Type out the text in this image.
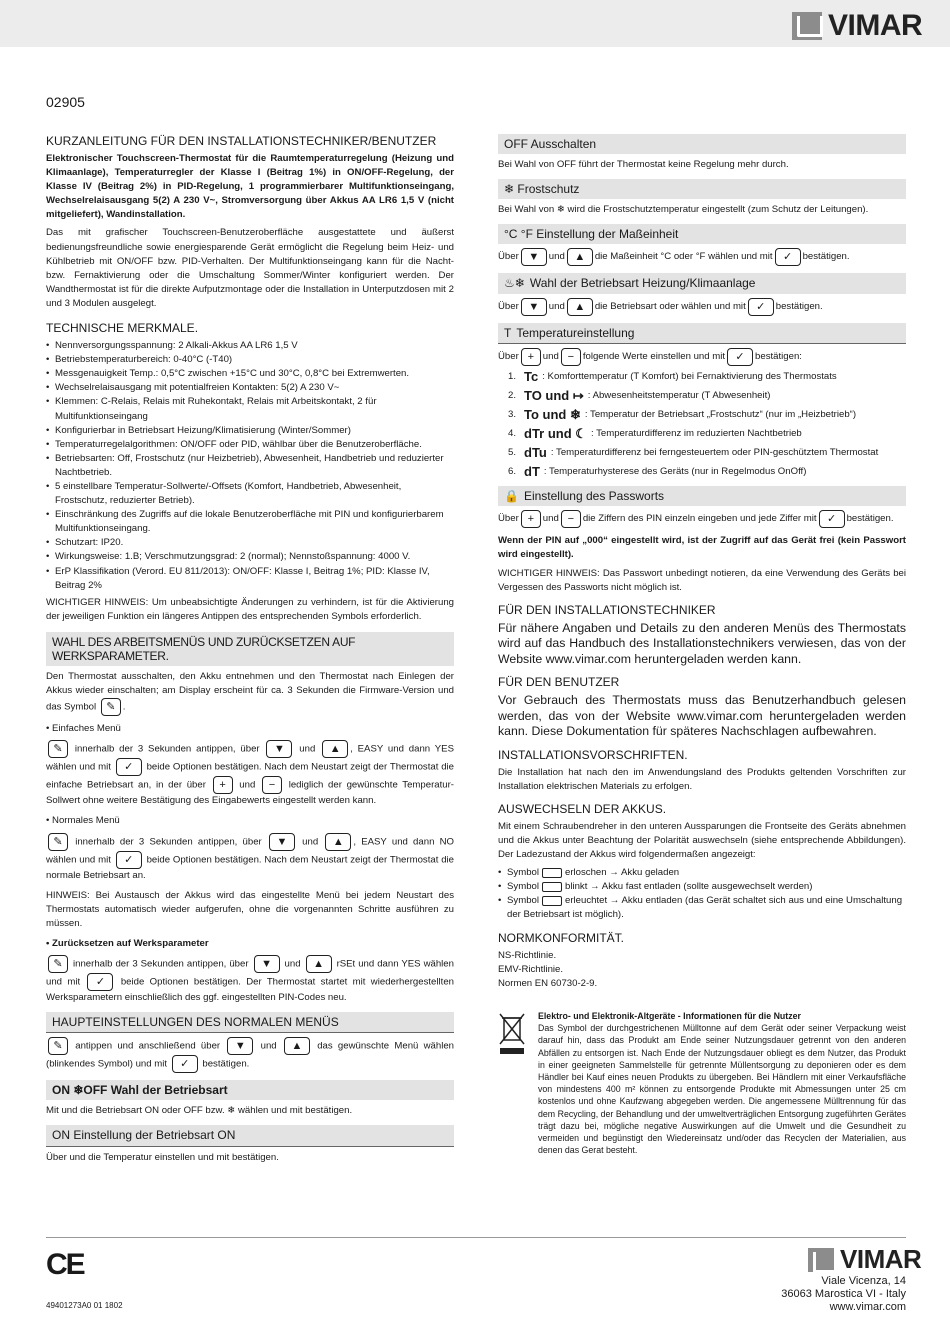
VIMAR
02905
KURZANLEITUNG FÜR DEN INSTALLATIONSTECHNIKER/BENUTZER

Elektronischer Touchscreen-Thermostat für die Raumtemperaturregelung (Heizung und Klimaanlage), Temperaturregler der Klasse I (Beitrag 1%) in ON/OFF-Regelung, der Klasse IV (Beitrag 2%) in PID-Regelung, 1 programmierbarer Multifunktionseingang, Wechselrelaisausgang 5(2) A 230 V~, Stromversorgung über Akkus AA LR6 1,5 V (nicht mitgeliefert), Wandinstallation.

Das mit grafischer Touchscreen-Benutzeroberfläche ausgestattete und äußerst bedienungsfreundliche sowie energiesparende Gerät ermöglicht die Regelung beim Heiz- und Kühlbetrieb mit ON/OFF bzw. PID-Verhalten. Der Multifunktionseingang kann für die Nacht- bzw. Fernaktivierung oder die Umschaltung Sommer/Winter konfiguriert werden. Der Wandthermostat ist für die direkte Aufputzmontage oder die Installation in Unterputzdosen mit 2 und 3 Modulen ausgelegt.

TECHNISCHE MERKMALE.
• Nennversorgungsspannung: 2 Alkali-Akkus AA LR6 1,5 V
• Betriebstemperaturbereich: 0-40°C (-T40)
• Messgenauigkeit Temp.: 0,5°C zwischen +15°C und 30°C, 0,8°C bei Extremwerten.
• Wechselrelaisausgang mit potentialfreien Kontakten: 5(2) A 230 V~
• Klemmen: C-Relais, Relais mit Ruhekontakt, Relais mit Arbeitskontakt, 2 für Multifunktionseingang
• Konfigurierbar in Betriebsart Heizung/Klimatisierung (Winter/Sommer)
• Temperaturregelalgorithmen: ON/OFF oder PID, wählbar über die Benutzeroberfläche.
• Betriebsarten: Off, Frostschutz (nur Heizbetrieb), Abwesenheit, Handbetrieb und reduzierter Nachtbetrieb.
• 5 einstellbare Temperatur-Sollwerte/-Offsets (Komfort, Handbetrieb, Abwesenheit, Frostschutz, reduzierter Betrieb).
• Einschränkung des Zugriffs auf die lokale Benutzeroberfläche mit PIN und konfigurierbarem Multifunktionseingang.
• Schutzart: IP20.
• Wirkungsweise: 1.B; Verschmutzungsgrad: 2 (normal); Nennstoßspannung: 4000 V.
• ErP Klassifikation (Verord. EU 811/2013): ON/OFF: Klasse I, Beitrag 1%; PID: Klasse IV, Beitrag 2%

WICHTIGER HINWEIS: Um unbeabsichtigte Änderungen zu verhindern, ist für die Aktivierung der jeweiligen Funktion ein längeres Antippen des entsprechenden Symbols erforderlich.

WAHL DES ARBEITSMENÜS UND ZURÜCKSETZEN AUF WERKSPARAMETER.

Den Thermostat ausschalten, den Akku entnehmen und den Thermostat nach Einlegen der Akkus wieder einschalten; am Display erscheint für ca. 3 Sekunden die Firmware-Version und das Symbol ✎ .

• Einfaches Menü

✎ innerhalb der 3 Sekunden antippen, über ▼ und ▲ , EASY und dann YES wählen und mit ✓ beide Optionen bestätigen. Nach dem Neustart zeigt der Thermostat die einfache Betriebsart an, in der über + und − lediglich der gewünschte Temperatur-Sollwert ohne weitere Bestätigung des Eingabewerts eingestellt werden kann.

• Normales Menü

✎ innerhalb der 3 Sekunden antippen, über ▼ und ▲ , EASY und dann NO wählen und mit ✓ beide Optionen bestätigen. Nach dem Neustart zeigt der Thermostat die normale Betriebsart an.

HINWEIS: Bei Austausch der Akkus wird das eingestellte Menü bei jedem Neustart des Thermostats automatisch wieder aufgerufen, ohne die vorgenannten Schritte ausführen zu müssen.

• Zurücksetzen auf Werksparameter

✎ innerhalb der 3 Sekunden antippen, über ▼ und ▲ rSEt und dann YES wählen und mit ✓ beide Optionen bestätigen. Der Thermostat startet mit wiederhergestellten Werksparametern einschließlich des ggf. eingestellten PIN-Codes neu.

HAUPTEINSTELLUNGEN DES NORMALEN MENÜS

✎ antippen und anschließend über ▼ und ▲ das gewünschte Menü wählen (blinkendes Symbol) und mit ✓ bestätigen.

ON ❄OFF Wahl der Betriebsart

Mit und die Betriebsart ON oder OFF bzw. ❄ wählen und mit bestätigen.

ON Einstellung der Betriebsart ON

Über und die Temperatur einstellen und mit bestätigen.

OFF Ausschalten

Bei Wahl von OFF führt der Thermostat keine Regelung mehr durch.

❄ Frostschutz

Bei Wahl von ❄ wird die Frostschutztemperatur eingestellt (zum Schutz der Leitungen).

°C °F Einstellung der Maßeinheit
Über ▼ und ▲ die Maßeinheit °C oder °F wählen und mit ✓	bestätigen.
♨❄ Wahl der Betriebsart Heizung/Klimaanlage
Über ▼ und ▲ die Betriebsart oder wählen und mit ✓	bestätigen.
T Temperatureinstellung
Über + und − folgende Werte einstellen und mit ✓	bestätigen:
1. Tc : Komforttemperatur (T Komfort) bei Fernaktivierung des Thermostats
2. TO und ↦ : Abwesenheitstemperatur (T Abwesenheit)
3. To und ❄ : Temperatur der Betriebsart „Frostschutz“ (nur im „Heizbetrieb“)
4. dTr und ☾ : Temperaturdifferenz im reduzierten Nachtbetrieb
5. dTu : Temperaturdifferenz bei ferngesteuertem oder PIN-geschütztem Thermostat
6. dT : Temperaturhysterese des Geräts (nur in Regelmodus OnOff)
🔒 Einstellung des Passworts
Über + und − die Ziffern des PIN einzeln eingeben und jede Ziffer mit ✓	bestätigen.

Wenn der PIN auf „000“ eingestellt wird, ist der Zugriff auf das Gerät frei (kein Passwort wird eingestellt).

WICHTIGER HINWEIS: Das Passwort unbedingt notieren, da eine Verwendung des Geräts bei Vergessen des Passworts nicht möglich ist.

FÜR DEN INSTALLATIONSTECHNIKER

Für nähere Angaben und Details zu den anderen Menüs des Thermostats wird auf das Handbuch des Installationstechnikers verwiesen, das von der Website www.vimar.com heruntergeladen werden kann.

FÜR DEN BENUTZER

Vor Gebrauch des Thermostats muss das Benutzerhandbuch gelesen werden, das von der Website www.vimar.com heruntergeladen werden kann. Diese Dokumentation für späteres Nachschlagen aufbewahren.

INSTALLATIONSVORSCHRIFTEN.

Die Installation hat nach den im Anwendungsland des Produkts geltenden Vorschriften zur Installation elektrischen Materials zu erfolgen.

AUSWECHSELN DER AKKUS.

Mit einem Schraubendreher in den unteren Aussparungen die Frontseite des Geräts abnehmen und die Akkus unter Beachtung der Polarität auswechseln (siehe entsprechende Abbildungen). Der Ladezustand der Akkus wird folgendermaßen angezeigt:

• Symbol	erloschen → Akku geladen
• Symbol	blinkt → Akku fast entladen (sollte ausgewechselt werden)
• Symbol	erleuchtet → Akku entladen (das Gerät schaltet sich aus und eine Umschaltung der Betriebsart ist möglich).
NORMKONFORMITÄT.
NS-Richtlinie.
EMV-Richtlinie.
Normen EN 60730-2-9.
Elektro- und Elektronik-Altgeräte - Informationen für die Nutzer
Das Symbol der durchgestrichenen Mülltonne auf dem Gerät oder seiner Verpackung weist darauf hin, dass das Produkt am Ende seiner Nutzungsdauer getrennt von den anderen Abfällen zu entsorgen ist. Nach Ende der Nutzungsdauer obliegt es dem Nutzer, das Produkt in einer geeigneten Sammelstelle für getrennte Müllentsorgung zu deponieren oder es dem Händler bei Kauf eines neuen Produkts zu übergeben. Bei Händlern mit einer Verkaufsfläche von mindestens 400 m² können zu entsorgende Produkte mit Abmessungen unter 25 cm kostenlos und ohne Kaufzwang abgegeben werden. Die angemessene Mülltrennung für das dem Recycling, der Behandlung und der umweltverträglichen Entsorgung zugeführten Gerätes trägt dazu bei, mögliche negative Auswirkungen auf die Umwelt und die Gesundheit zu vermeiden und begünstigt den Wiedereinsatz und/oder das Recyclen der Materialien, aus denen das Gerat besteht.
CE
49401273A0 01 1802
VIMAR
Viale Vicenza, 14
36063 Marostica VI - Italy
www.vimar.com
